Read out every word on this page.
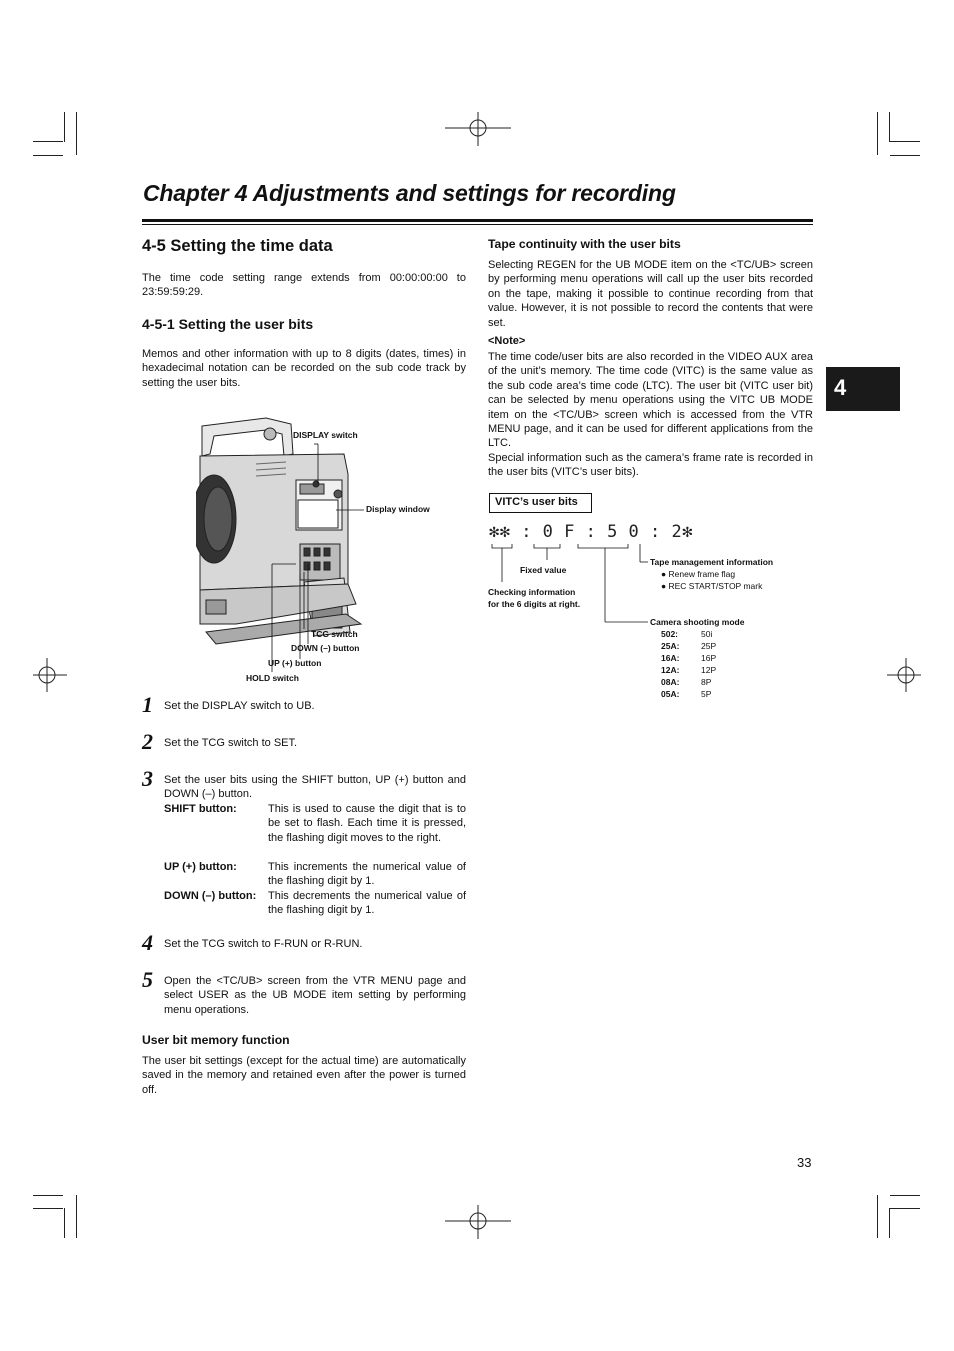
Chapter 4 Adjustments and settings for recording
4
4-5 Setting the time data
The time code setting range extends from 00:00:00:00 to 23:59:59:29.
4-5-1 Setting the user bits
Memos and other information with up to 8 digits (dates, times) in hexadecimal notation can be recorded on the sub code track by setting the user bits.
DISPLAY switch
Display window
TCG switch
DOWN (–) button
UP (+) button
HOLD switch
1 Set the DISPLAY switch to UB.
2 Set the TCG switch to SET.
3 Set the user bits using the SHIFT button, UP (+) button and DOWN (–) button.
SHIFT button:	This is used to cause the digit that is to be set to flash. Each time it is pressed, the flashing digit moves to the right.
UP (+) button:	This increments the numerical value of the flashing digit by 1.
DOWN (–) button: This decrements the numerical value of the flashing digit by 1.
4 Set the TCG switch to F-RUN or R-RUN.
5 Open the <TC/UB> screen from the VTR MENU page and select USER as the UB MODE item setting by performing menu operations.
User bit memory function
The user bit settings (except for the actual time) are automatically saved in the memory and retained even after the power is turned off.
Tape continuity with the user bits
Selecting REGEN for the UB MODE item on the <TC/UB> screen by performing menu operations will call up the user bits recorded on the tape, making it possible to continue recording from that value. However, it is not possible to record the contents that were set.
<Note>
The time code/user bits are also recorded in the VIDEO AUX area of the unit’s memory. The time code (VITC) is the same value as the sub code area’s time code (LTC). The user bit (VITC user bit) can be selected by menu operations using the VITC UB MODE item on the <TC/UB> screen which is accessed from the VTR MENU page, and it can be used for different applications from the LTC.
Special information such as the camera’s frame rate is recorded in the user bits (VITC’s user bits).
VITC’s user bits
✻✻ : 0 F : 5 0 : 2✻
Tape management information
● Renew frame flag
● REC START/STOP mark
Fixed value
Checking information
for the 6 digits at right.
Camera shooting mode
502:	50i
25A:	25P
16A:	16P
12A:	12P
08A:	8P
05A:	5P
33
